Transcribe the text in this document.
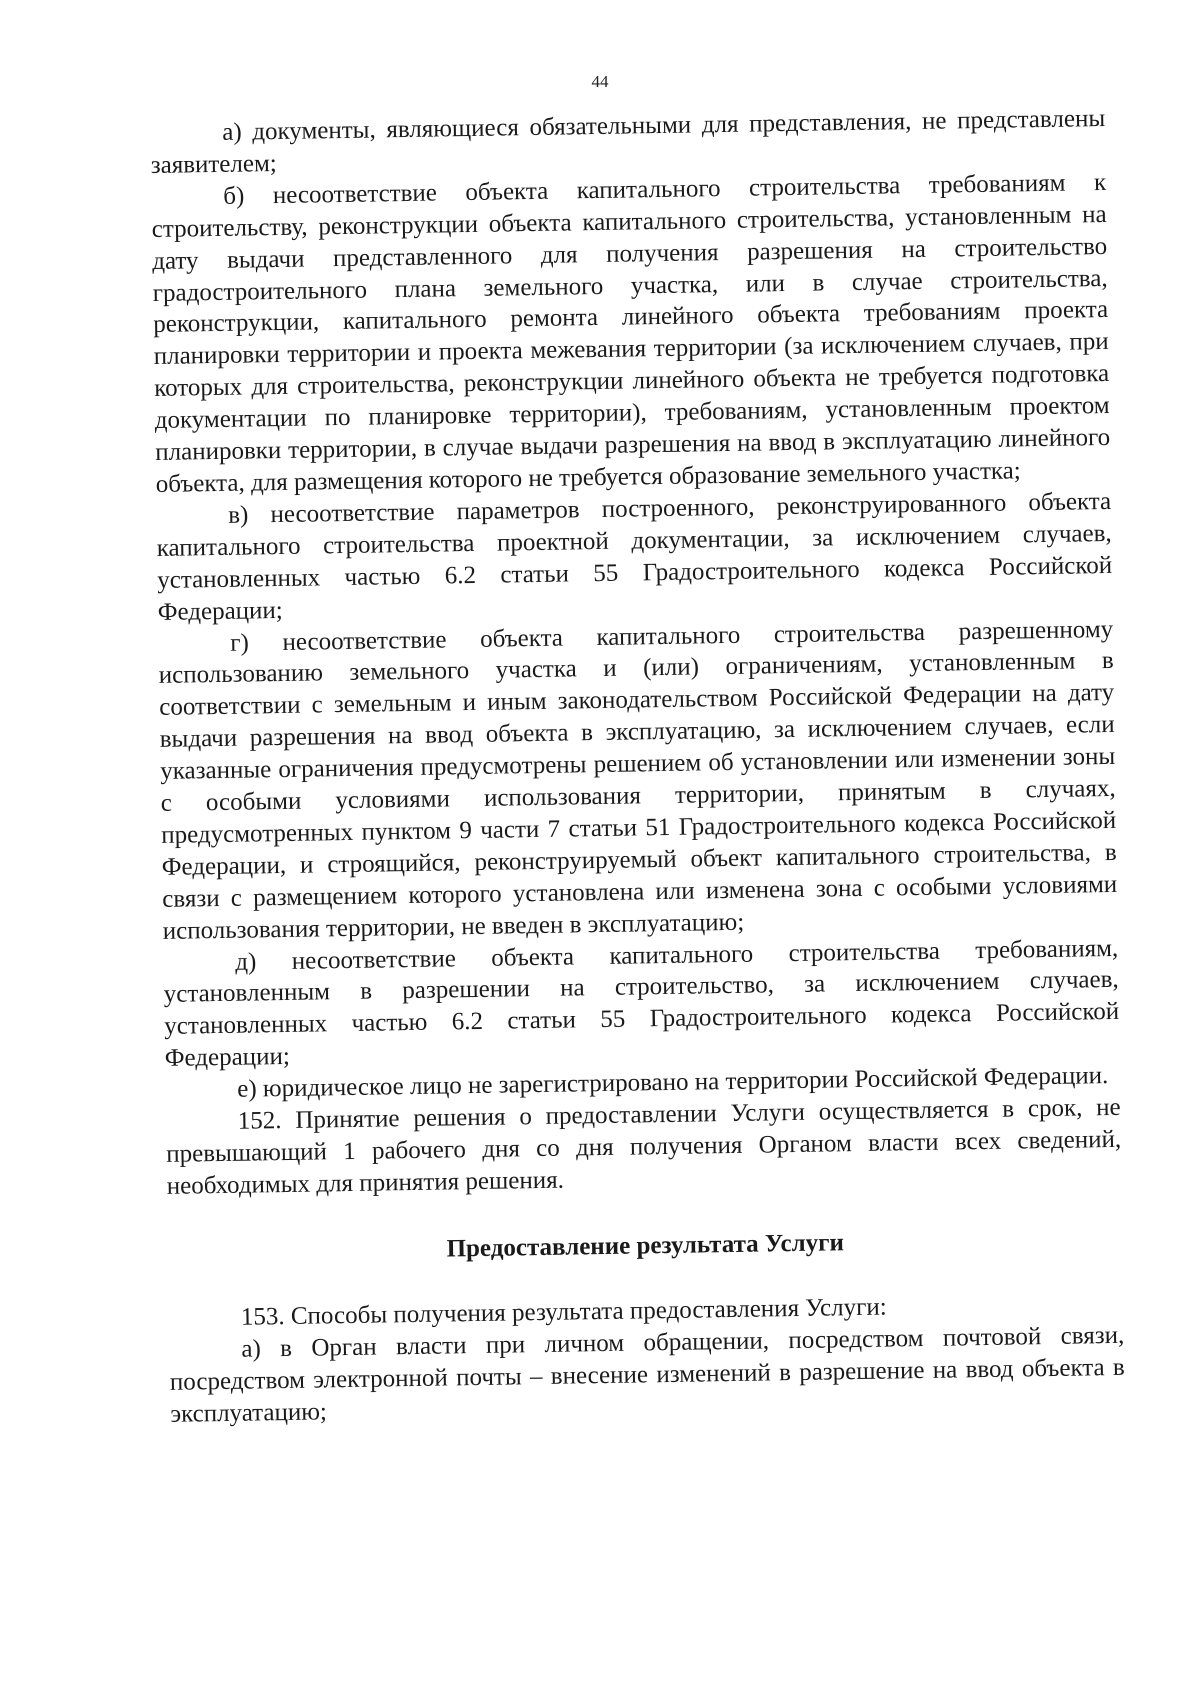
44

а) документы, являющиеся обязательными для представления, не представлены заявителем;

б) несоответствие объекта капитального строительства требованиям к строительству, реконструкции объекта капитального строительства, установленным на дату выдачи представленного для получения разрешения на строительство градостроительного плана земельного участка, или в случае строительства, реконструкции, капитального ремонта линейного объекта требованиям проекта планировки территории и проекта межевания территории (за исключением случаев, при которых для строительства, реконструкции линейного объекта не требуется подготовка документации по планировке территории), требованиям, установленным проектом планировки территории, в случае выдачи разрешения на ввод в эксплуатацию линейного объекта, для размещения которого не требуется образование земельного участка;

в) несоответствие параметров построенного, реконструированного объекта капитального строительства проектной документации, за исключением случаев, установленных частью 6.2 статьи 55 Градостроительного кодекса Российской Федерации;

г) несоответствие объекта капитального строительства разрешенному использованию земельного участка и (или) ограничениям, установленным в соответствии с земельным и иным законодательством Российской Федерации на дату выдачи разрешения на ввод объекта в эксплуатацию, за исключением случаев, если указанные ограничения предусмотрены решением об установлении или изменении зоны с особыми условиями использования территории, принятым в случаях, предусмотренных пунктом 9 части 7 статьи 51 Градостроительного кодекса Российской Федерации, и строящийся, реконструируемый объект капитального строительства, в связи с размещением которого установлена или изменена зона с особыми условиями использования территории, не введен в эксплуатацию;

д) несоответствие объекта капитального строительства требованиям, установленным в разрешении на строительство, за исключением случаев, установленных частью 6.2 статьи 55 Градостроительного кодекса Российской Федерации;

е) юридическое лицо не зарегистрировано на территории Российской Федерации.

152. Принятие решения о предоставлении Услуги осуществляется в срок, не превышающий 1 рабочего дня со дня получения Органом власти всех сведений, необходимых для принятия решения.

Предоставление результата Услуги

153. Способы получения результата предоставления Услуги:

а) в Орган власти при личном обращении, посредством почтовой связи, посредством электронной почты – внесение изменений в разрешение на ввод объекта в эксплуатацию;
